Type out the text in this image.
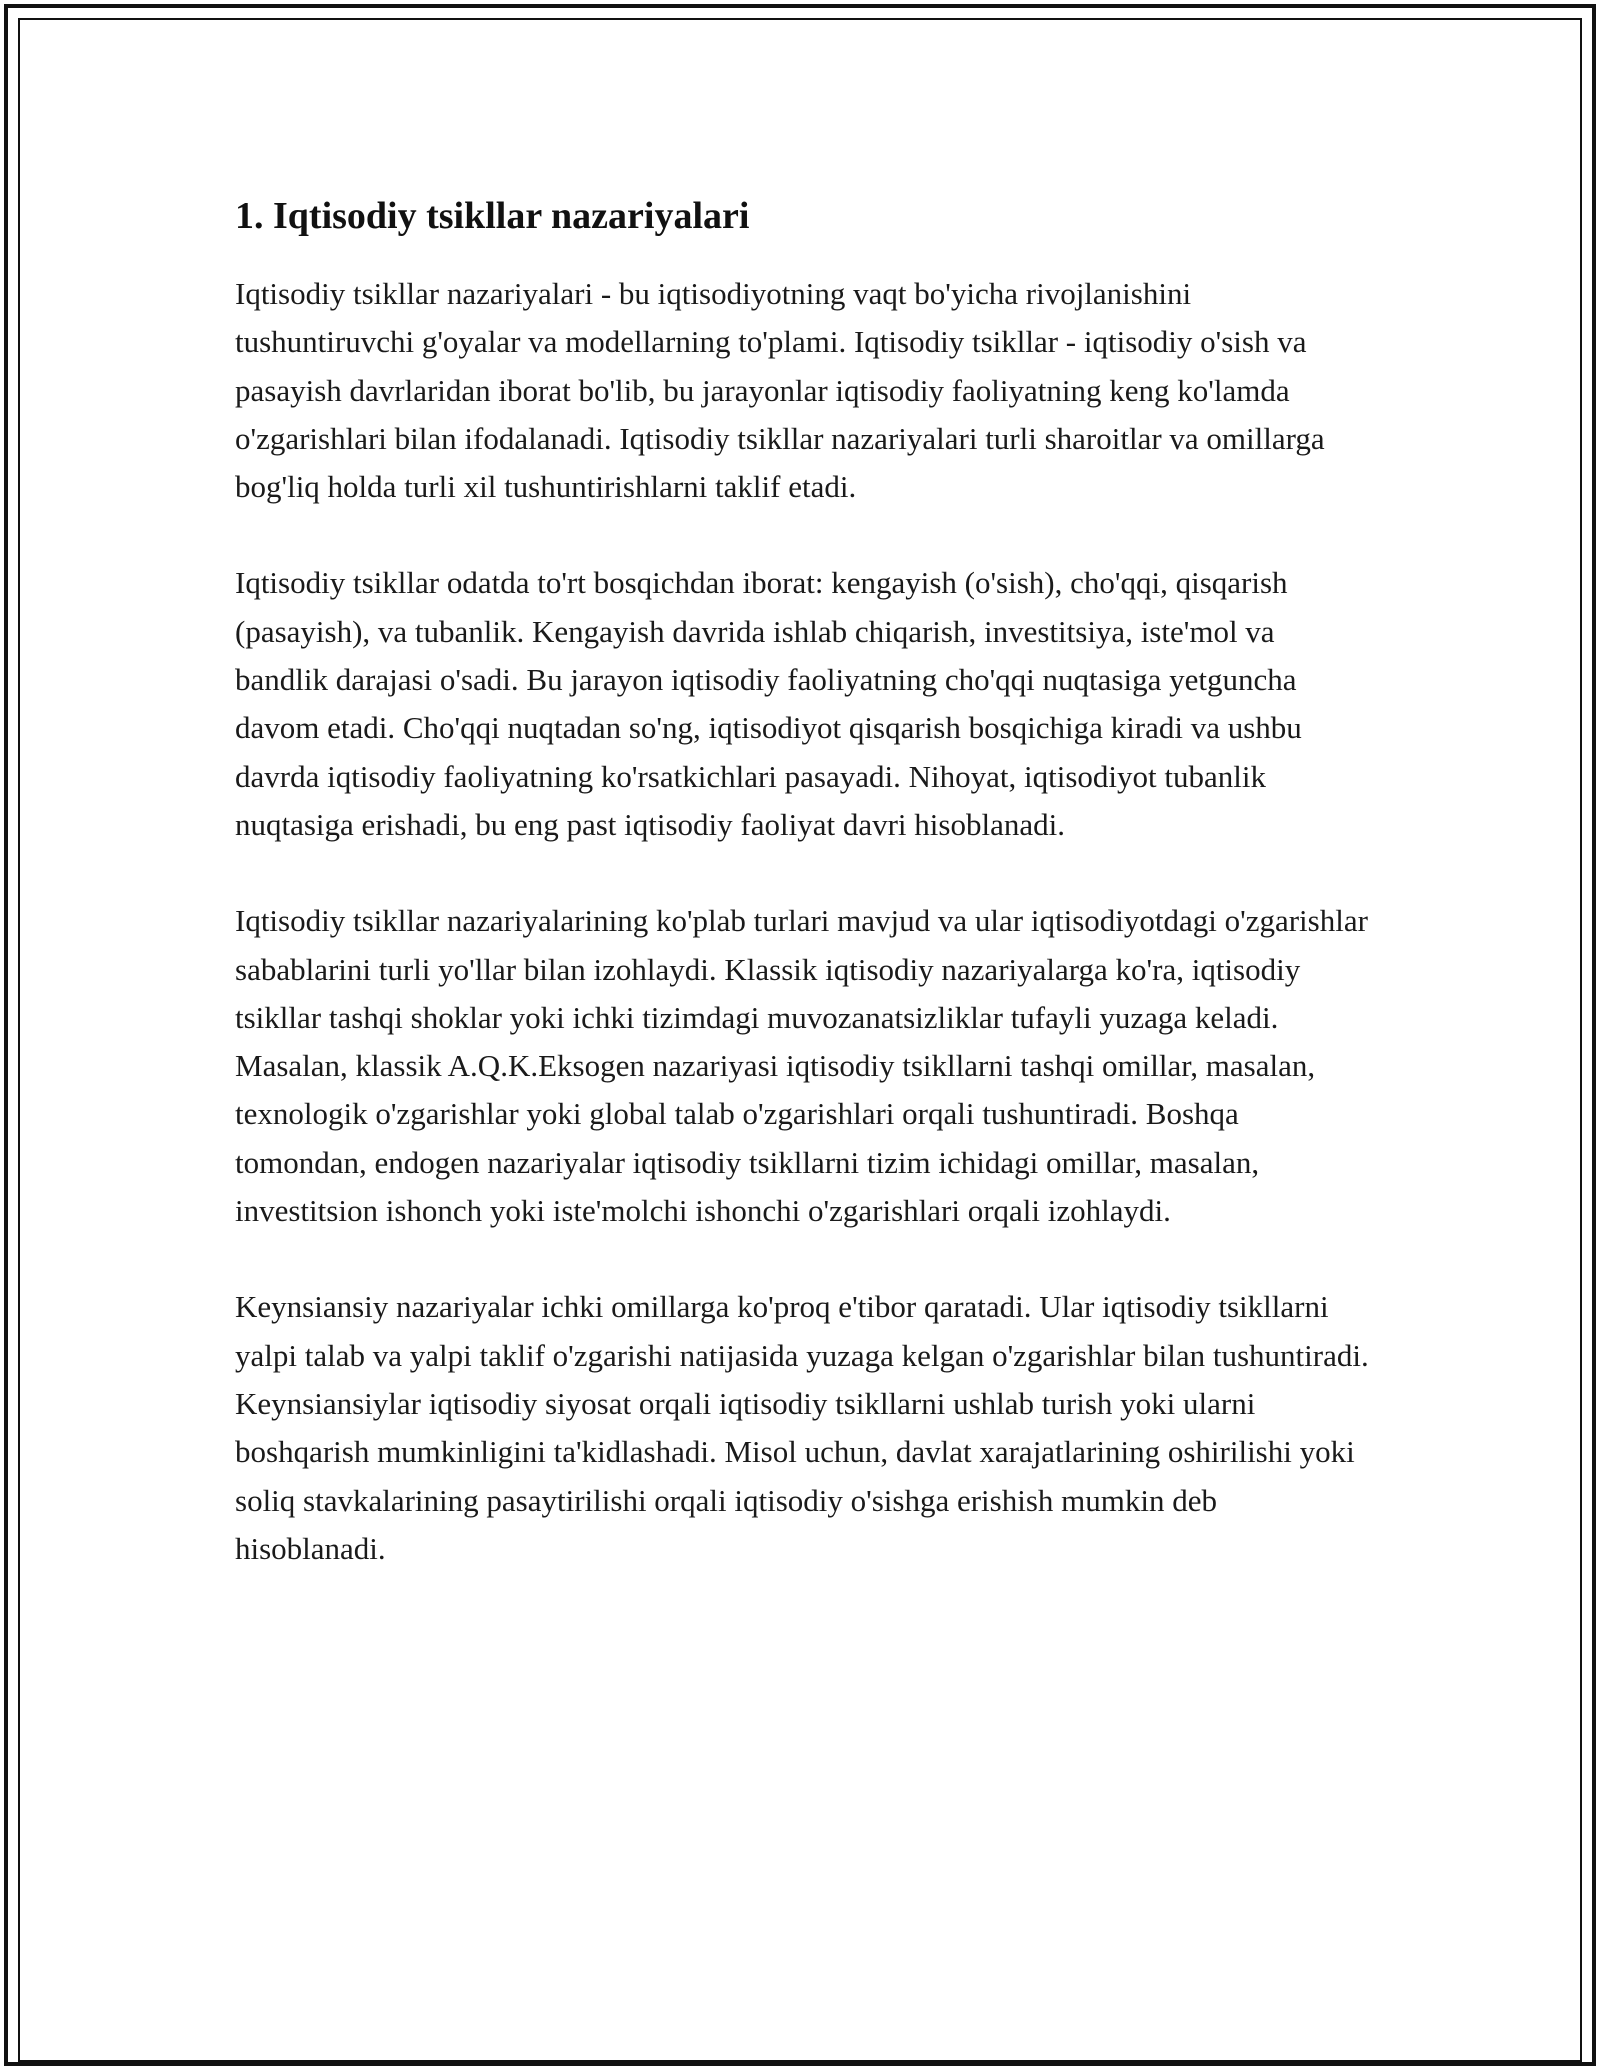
1. Iqtisodiy tsikllar nazariyalari

Iqtisodiy tsikllar nazariyalari - bu iqtisodiyotning vaqt bo'yicha rivojlanishini tushuntiruvchi g'oyalar va modellarning to'plami. Iqtisodiy tsikllar - iqtisodiy o'sish va pasayish davrlaridan iborat bo'lib, bu jarayonlar iqtisodiy faoliyatning keng ko'lamda o'zgarishlari bilan ifodalanadi. Iqtisodiy tsikllar nazariyalari turli sharoitlar va omillarga bog'liq holda turli xil tushuntirishlarni taklif etadi.

Iqtisodiy tsikllar odatda to'rt bosqichdan iborat: kengayish (o'sish), cho'qqi, qisqarish (pasayish), va tubanlik. Kengayish davrida ishlab chiqarish, investitsiya, iste'mol va bandlik darajasi o'sadi. Bu jarayon iqtisodiy faoliyatning cho'qqi nuqtasiga yetguncha davom etadi. Cho'qqi nuqtadan so'ng, iqtisodiyot qisqarish bosqichiga kiradi va ushbu davrda iqtisodiy faoliyatning ko'rsatkichlari pasayadi. Nihoyat, iqtisodiyot tubanlik nuqtasiga erishadi, bu eng past iqtisodiy faoliyat davri hisoblanadi.

Iqtisodiy tsikllar nazariyalarining ko'plab turlari mavjud va ular iqtisodiyotdagi o'zgarishlar sabablarini turli yo'llar bilan izohlaydi. Klassik iqtisodiy nazariyalarga ko'ra, iqtisodiy tsikllar tashqi shoklar yoki ichki tizimdagi muvozanatsizliklar tufayli yuzaga keladi. Masalan, klassik A.Q.K.Eksogen nazariyasi iqtisodiy tsikllarni tashqi omillar, masalan, texnologik o'zgarishlar yoki global talab o'zgarishlari orqali tushuntiradi. Boshqa tomondan, endogen nazariyalar iqtisodiy tsikllarni tizim ichidagi omillar, masalan, investitsion ishonch yoki iste'molchi ishonchi o'zgarishlari orqali izohlaydi.

Keynsiansiy nazariyalar ichki omillarga ko'proq e'tibor qaratadi. Ular iqtisodiy tsikllarni yalpi talab va yalpi taklif o'zgarishi natijasida yuzaga kelgan o'zgarishlar bilan tushuntiradi. Keynsiansiylar iqtisodiy siyosat orqali iqtisodiy tsikllarni ushlab turish yoki ularni boshqarish mumkinligini ta'kidlashadi. Misol uchun, davlat xarajatlarining oshirilishi yoki soliq stavkalarining pasaytirilishi orqali iqtisodiy o'sishga erishish mumkin deb hisoblanadi.
